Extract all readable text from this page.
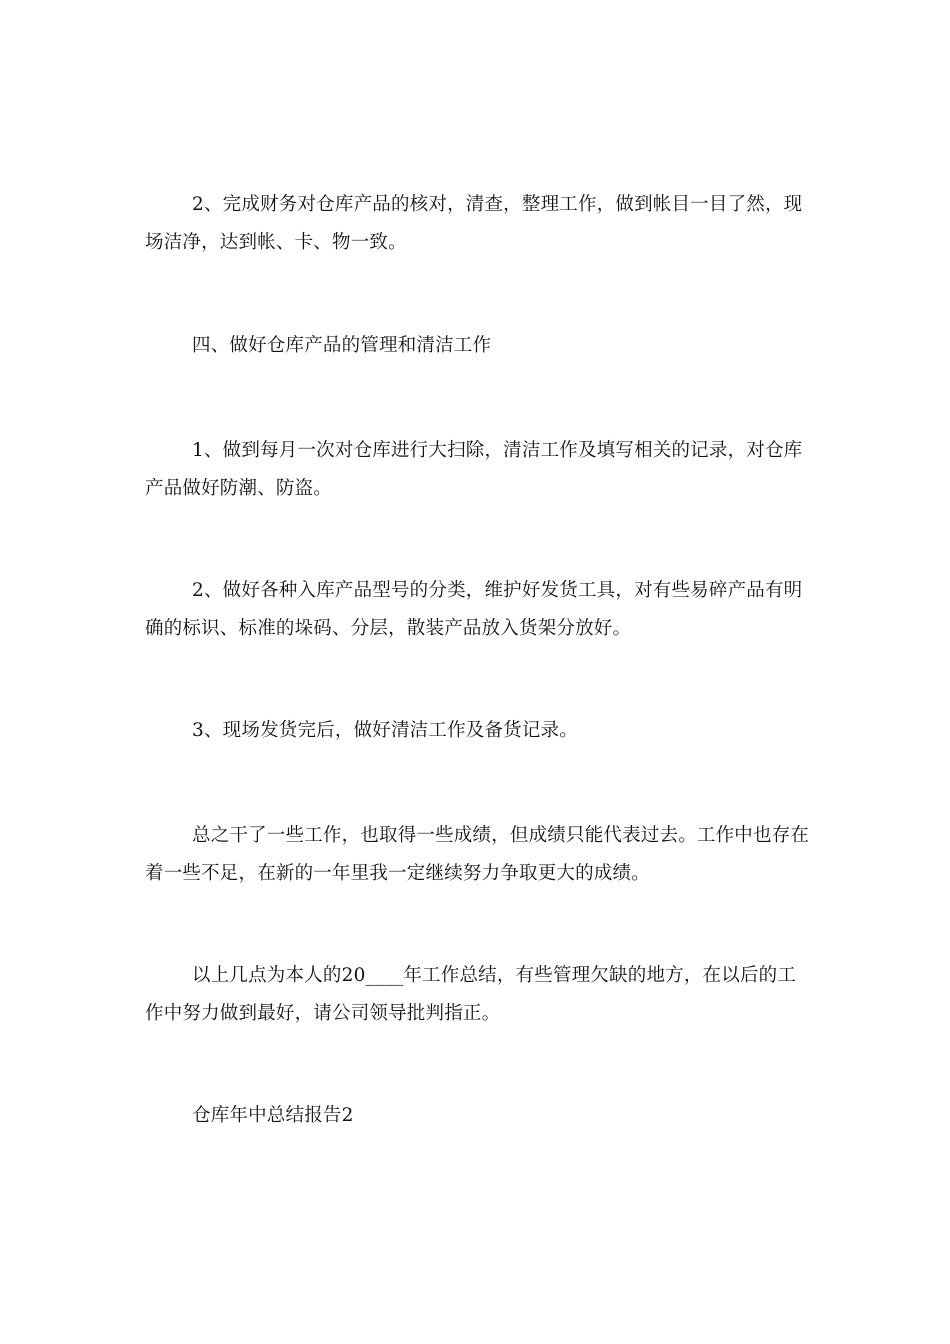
2、完成财务对仓库产品的核对，清查，整理工作，做到帐目一目了然，现场洁净，达到帐、卡、物一致。

四、做好仓库产品的管理和清洁工作

1、做到每月一次对仓库进行大扫除，清洁工作及填写相关的记录，对仓库产品做好防潮、防盗。

2、做好各种入库产品型号的分类，维护好发货工具，对有些易碎产品有明确的标识、标准的垛码、分层，散装产品放入货架分放好。

3、现场发货完后，做好清洁工作及备货记录。

总之干了一些工作，也取得一些成绩，但成绩只能代表过去。工作中也存在着一些不足，在新的一年里我一定继续努力争取更大的成绩。

以上几点为本人的20____年工作总结，有些管理欠缺的地方，在以后的工作中努力做到最好，请公司领导批判指正。

仓库年中总结报告2
